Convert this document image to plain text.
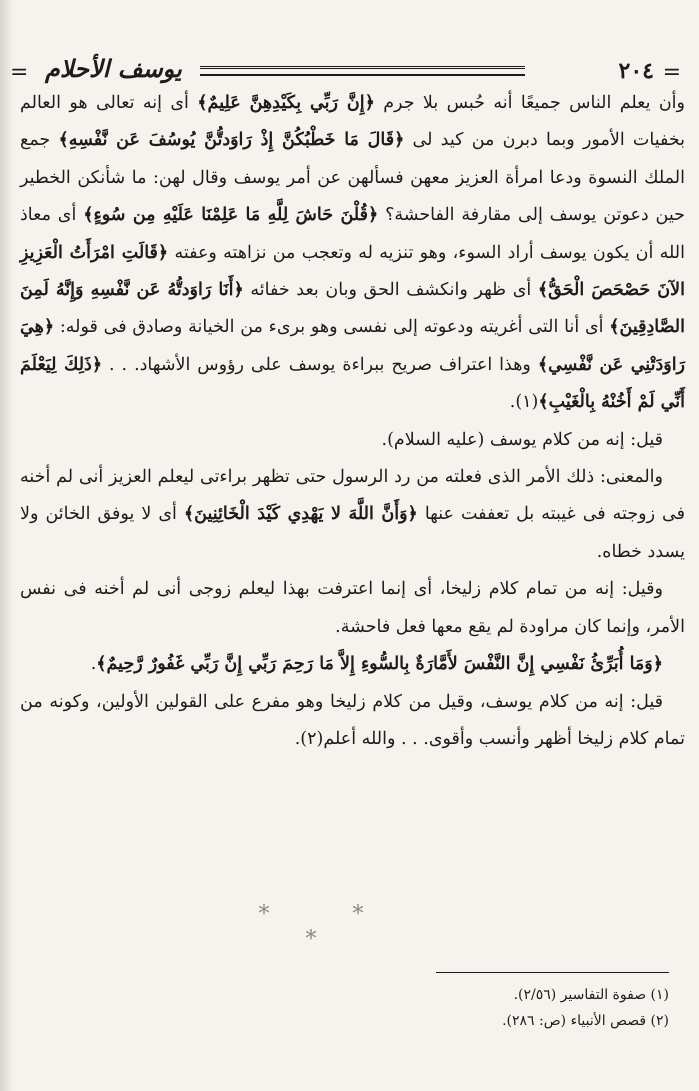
=
٢٠٤
يوسف الأحلام
=

وأن يعلم الناس جميعًا أنه حُبس بلا جرم ﴿إِنَّ رَبِّي بِكَيْدِهِنَّ عَلِيمٌ﴾ أى إنه تعالى هو العالم بخفيات الأمور وبما دبرن من كيد لى ﴿قَالَ مَا خَطْبُكُنَّ إِذْ رَاوَدتُّنَّ يُوسُفَ عَن نَّفْسِهِ﴾ جمع الملك النسوة ودعا امرأة العزيز معهن فسألهن عن أمر يوسف وقال لهن: ما شأنكن الخطير حين دعوتن يوسف إلى مقارفة الفاحشة؟ ﴿قُلْنَ حَاشَ لِلَّهِ مَا عَلِمْنَا عَلَيْهِ مِن سُوءٍ﴾ أى معاذ الله أن يكون يوسف أراد السوء، وهو تنزيه له وتعجب من نزاهته وعفته ﴿قَالَتِ امْرَأَتُ الْعَزِيزِ الآنَ حَصْحَصَ الْحَقُّ﴾ أى ظهر وانكشف الحق وبان بعد خفائه ﴿أَنَا رَاوَدتُّهُ عَن نَّفْسِهِ وَإِنَّهُ لَمِنَ الصَّادِقِينَ﴾ أى أنا التى أغريته ودعوته إلى نفسى وهو برىء من الخيانة وصادق فى قوله: ﴿هِيَ رَاوَدَتْنِي عَن نَّفْسِي﴾ وهذا اعتراف صريح ببراءة يوسف على رؤوس الأشهاد. . . ﴿ذَلِكَ لِيَعْلَمَ أَنِّي لَمْ أَخُنْهُ بِالْغَيْبِ﴾(١).

قيل: إنه من كلام يوسف (عليه السلام).

والمعنى: ذلك الأمر الذى فعلته من رد الرسول حتى تظهر براءتى ليعلم العزيز أنى لم أخنه فى زوجته فى غيبته بل تعففت عنها ﴿وَأَنَّ اللَّهَ لا يَهْدِي كَيْدَ الْخَائِنِينَ﴾ أى لا يوفق الخائن ولا يسدد خطاه.

وقيل: إنه من تمام كلام زليخا، أى إنما اعترفت بهذا ليعلم زوجى أنى لم أخنه فى نفس الأمر، وإنما كان مراودة لم يقع معها فعل فاحشة.

﴿وَمَا أُبَرِّئُ نَفْسِي إِنَّ النَّفْسَ لأَمَّارَةٌ بِالسُّوءِ إِلاَّ مَا رَحِمَ رَبِّي إِنَّ رَبِّي غَفُورٌ رَّحِيمٌ﴾.

قيل: إنه من كلام يوسف، وقيل من كلام زليخا وهو مفرع على القولين الأولين، وكونه من تمام كلام زليخا أظهر وأنسب وأقوى. . . والله أعلم(٢).

* * *
(١) صفوة التفاسير (٢/٥٦).
(٢) قصص الأنبياء (ص: ٢٨٦).
